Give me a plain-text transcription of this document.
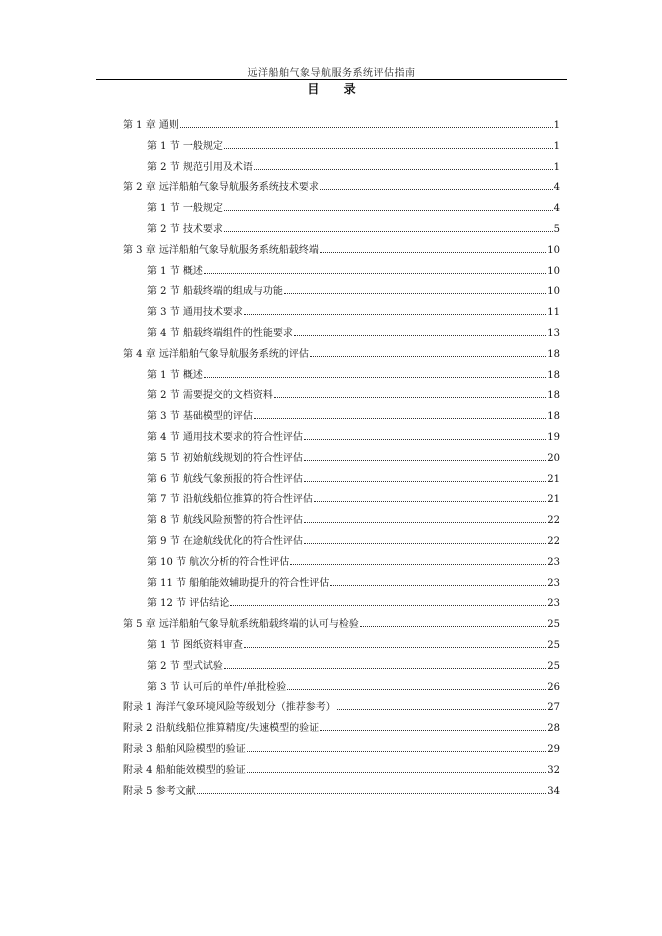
远洋船舶气象导航服务系统评估指南
目 录
第 1 章 通则	1
第 1 节 一般规定	1
第 2 节 规范引用及术语	1
第 2 章 远洋船舶气象导航服务系统技术要求	4
第 1 节 一般规定	4
第 2 节 技术要求	5
第 3 章 远洋船舶气象导航服务系统船载终端	10
第 1 节 概述	10
第 2 节 船载终端的组成与功能	10
第 3 节 通用技术要求	11
第 4 节 船载终端组件的性能要求	13
第 4 章 远洋船舶气象导航服务系统的评估	18
第 1 节 概述	18
第 2 节 需要提交的文档资料	18
第 3 节 基础模型的评估	18
第 4 节 通用技术要求的符合性评估	19
第 5 节 初始航线规划的符合性评估	20
第 6 节 航线气象预报的符合性评估	21
第 7 节 沿航线船位推算的符合性评估	21
第 8 节 航线风险预警的符合性评估	22
第 9 节 在途航线优化的符合性评估	22
第 10 节 航次分析的符合性评估	23
第 11 节 船舶能效辅助提升的符合性评估	23
第 12 节 评估结论	23
第 5 章 远洋船舶气象导航系统船载终端的认可与检验	25
第 1 节 图纸资料审查	25
第 2 节 型式试验	25
第 3 节 认可后的单件/单批检验	26
附录 1 海洋气象环境风险等级划分（推荐参考）	27
附录 2 沿航线船位推算精度/失速模型的验证	28
附录 3 船舶风险模型的验证	29
附录 4 船舶能效模型的验证	32
附录 5 参考文献	34
